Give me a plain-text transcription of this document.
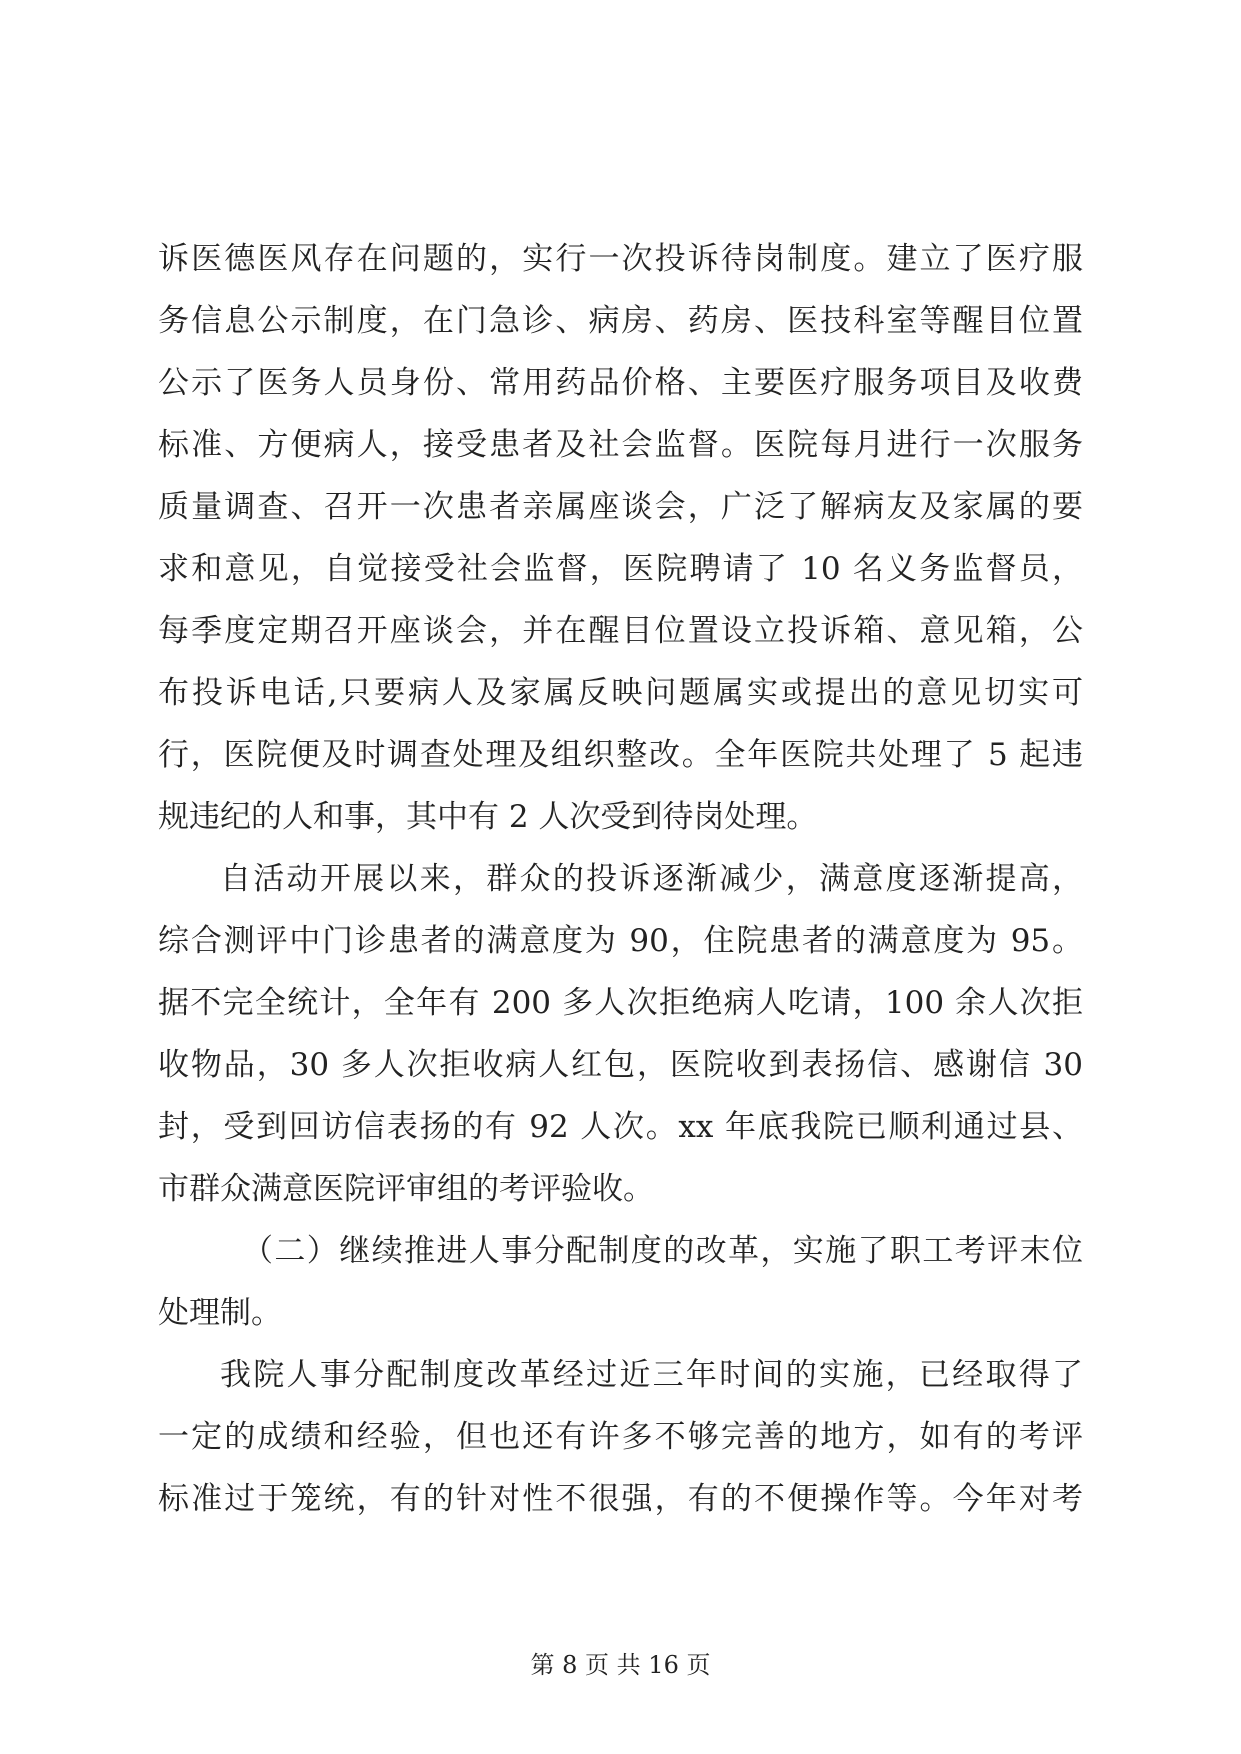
诉医德医风存在问题的，实行一次投诉待岗制度。建立了医疗服
务信息公示制度，在门急诊、病房、药房、医技科室等醒目位置
公示了医务人员身份、常用药品价格、主要医疗服务项目及收费
标准、方便病人，接受患者及社会监督。医院每月进行一次服务
质量调查、召开一次患者亲属座谈会，广泛了解病友及家属的要
求和意见，自觉接受社会监督，医院聘请了 10 名义务监督员，
每季度定期召开座谈会，并在醒目位置设立投诉箱、意见箱，公
布投诉电话,只要病人及家属反映问题属实或提出的意见切实可
行，医院便及时调查处理及组织整改。全年医院共处理了 5 起违
规违纪的人和事，其中有 2 人次受到待岗处理。
自活动开展以来，群众的投诉逐渐减少，满意度逐渐提高，
综合测评中门诊患者的满意度为 90，住院患者的满意度为 95。
据不完全统计，全年有 200 多人次拒绝病人吃请，100 余人次拒
收物品，30 多人次拒收病人红包，医院收到表扬信、感谢信 30
封，受到回访信表扬的有 92 人次。xx 年底我院已顺利通过县、
市群众满意医院评审组的考评验收。
（二）继续推进人事分配制度的改革，实施了职工考评末位
处理制。
我院人事分配制度改革经过近三年时间的实施，已经取得了
一定的成绩和经验，但也还有许多不够完善的地方，如有的考评
标准过于笼统，有的针对性不很强，有的不便操作等。今年对考
第 8 页 共 16 页
